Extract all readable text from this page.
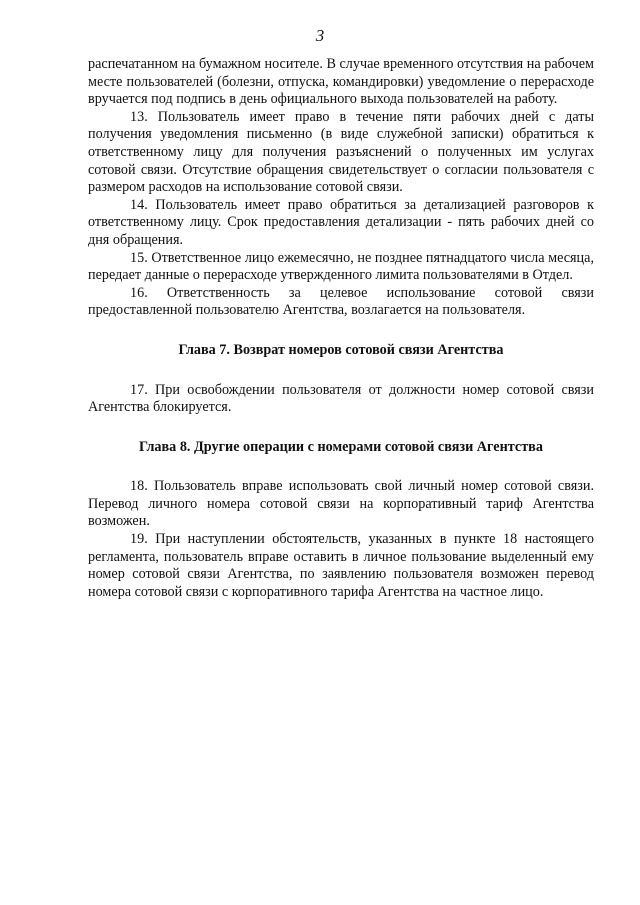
3

распечатанном на бумажном носителе. В случае временного отсутствия на рабочем месте пользователей (болезни, отпуска, командировки) уведомление о перерасходе вручается под подпись в день официального выхода пользователей на работу.

13. Пользователь имеет право в течение пяти рабочих дней с даты получения уведомления письменно (в виде служебной записки) обратиться к ответственному лицу для получения разъяснений о полученных им услугах сотовой связи. Отсутствие обращения свидетельствует о согласии пользователя с размером расходов на использование сотовой связи.

14. Пользователь имеет право обратиться за детализацией разговоров к ответственному лицу. Срок предоставления детализации - пять рабочих дней со дня обращения.

15. Ответственное лицо ежемесячно, не позднее пятнадцатого числа месяца, передает данные о перерасходе утвержденного лимита пользователями в Отдел.

16. Ответственность за целевое использование сотовой связи предоставленной пользователю Агентства, возлагается на пользователя.

Глава 7. Возврат номеров сотовой связи Агентства

17. При освобождении пользователя от должности номер сотовой связи Агентства блокируется.

Глава 8. Другие операции с номерами сотовой связи Агентства

18. Пользователь вправе использовать свой личный номер сотовой связи. Перевод личного номера сотовой связи на корпоративный тариф Агентства возможен.

19. При наступлении обстоятельств, указанных в пункте 18 настоящего регламента, пользователь вправе оставить в личное пользование выделенный ему номер сотовой связи Агентства, по заявлению пользователя возможен перевод номера сотовой связи с корпоративного тарифа Агентства на частное лицо.
